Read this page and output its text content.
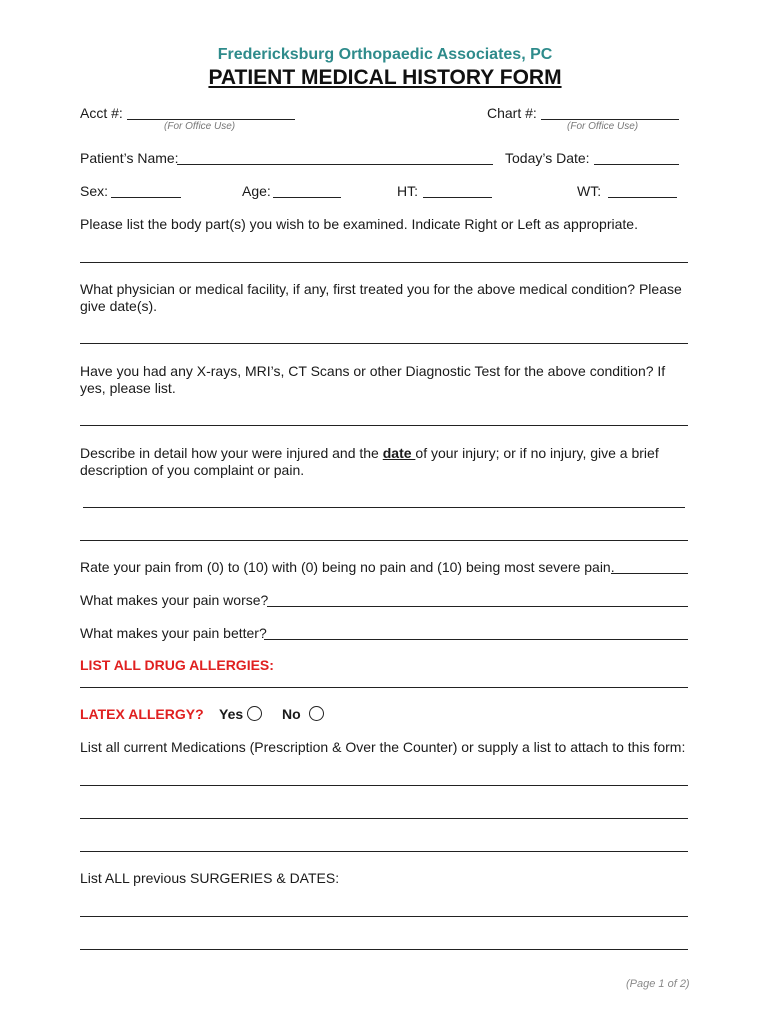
Fredericksburg Orthopaedic Associates, PC
PATIENT MEDICAL HISTORY FORM
Acct #:
(For Office Use)
Chart #:
(For Office Use)
Patient’s Name:	Today’s Date:
Sex:	Age:	HT:	WT:
Please list the body part(s) you wish to be examined. Indicate Right or Left as appropriate.
What physician or medical facility, if any, first treated you for the above medical condition? Please give date(s).
Have you had any X-rays, MRI’s, CT Scans or other Diagnostic Test for the above condition? If yes, please list.
Describe in detail how your were injured and the date of your injury; or if no injury, give a brief description of you complaint or pain.
Rate your pain from (0) to (10) with (0) being no pain and (10) being most severe pain.
What makes your pain worse?
What makes your pain better?
LIST ALL DRUG ALLERGIES:
LATEX ALLERGY? Yes	No
List all current Medications (Prescription & Over the Counter) or supply a list to attach to this form:
List ALL previous SURGERIES & DATES:
(Page 1 of 2)
